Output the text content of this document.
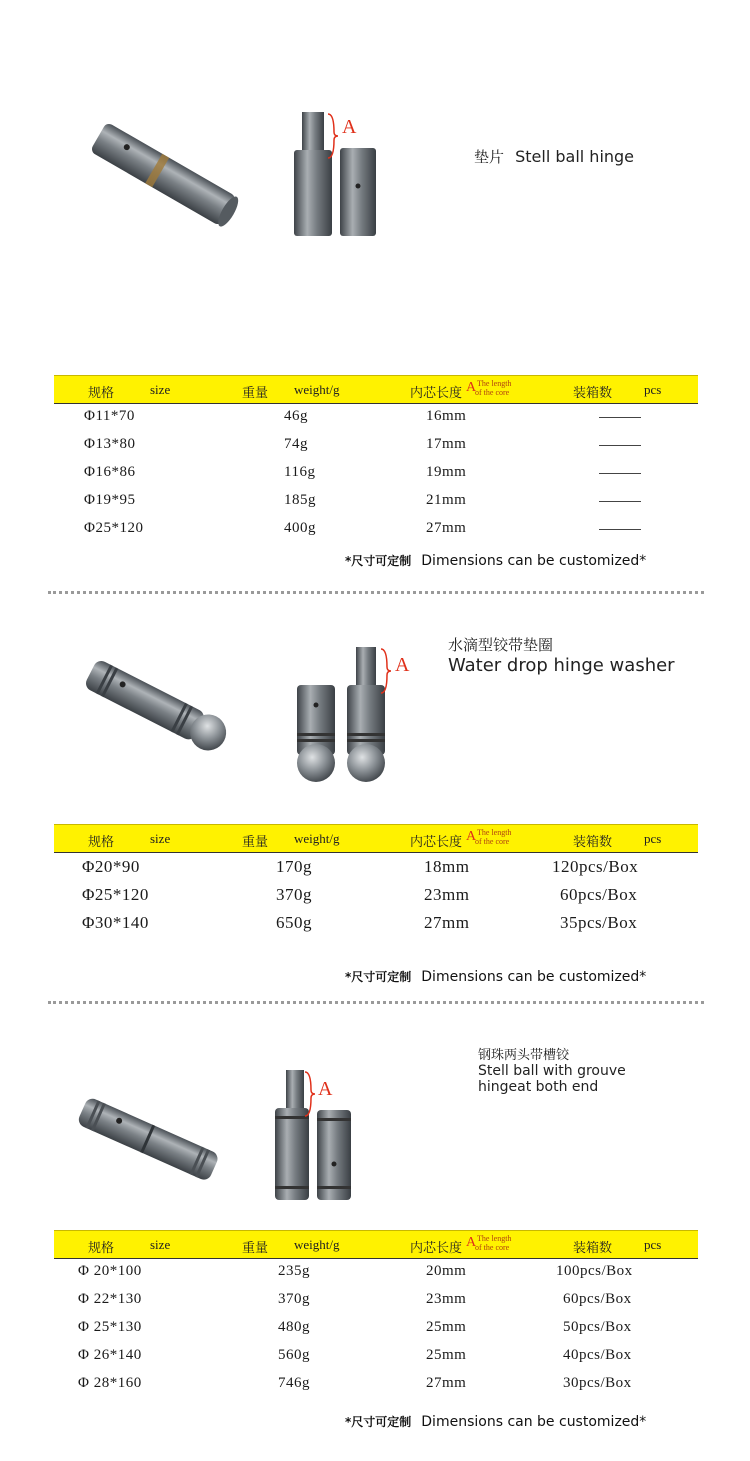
A
垫片 Stell ball hinge
规格	size	重量 weight/g	内芯长度 A The length
of the core	装箱数 pcs
Φ11*70	46g	16mm
Φ13*80	74g	17mm
Φ16*86	116g	19mm
Φ19*95	185g	21mm
Φ25*120	400g	27mm
*尺寸可定制 Dimensions can be customized*
A
水滴型铰带垫圈
Water drop hinge washer
规格	size	重量 weight/g	内芯长度 A The length
of the core	装箱数 pcs
Φ20*90	170g	18mm	120pcs/Box
Φ25*120	370g	23mm	60pcs/Box
Φ30*140	650g	27mm	35pcs/Box
*尺寸可定制 Dimensions can be customized*
A
钢珠两头带槽铰
Stell ball with grouve
hingeat both end
规格	size	重量 weight/g	内芯长度 A The length
of the core	装箱数 pcs
Φ 20*100	235g	20mm	100pcs/Box
Φ 22*130	370g	23mm	60pcs/Box
Φ 25*130	480g	25mm	50pcs/Box
Φ 26*140	560g	25mm	40pcs/Box
Φ 28*160	746g	27mm	30pcs/Box
*尺寸可定制 Dimensions can be customized*
